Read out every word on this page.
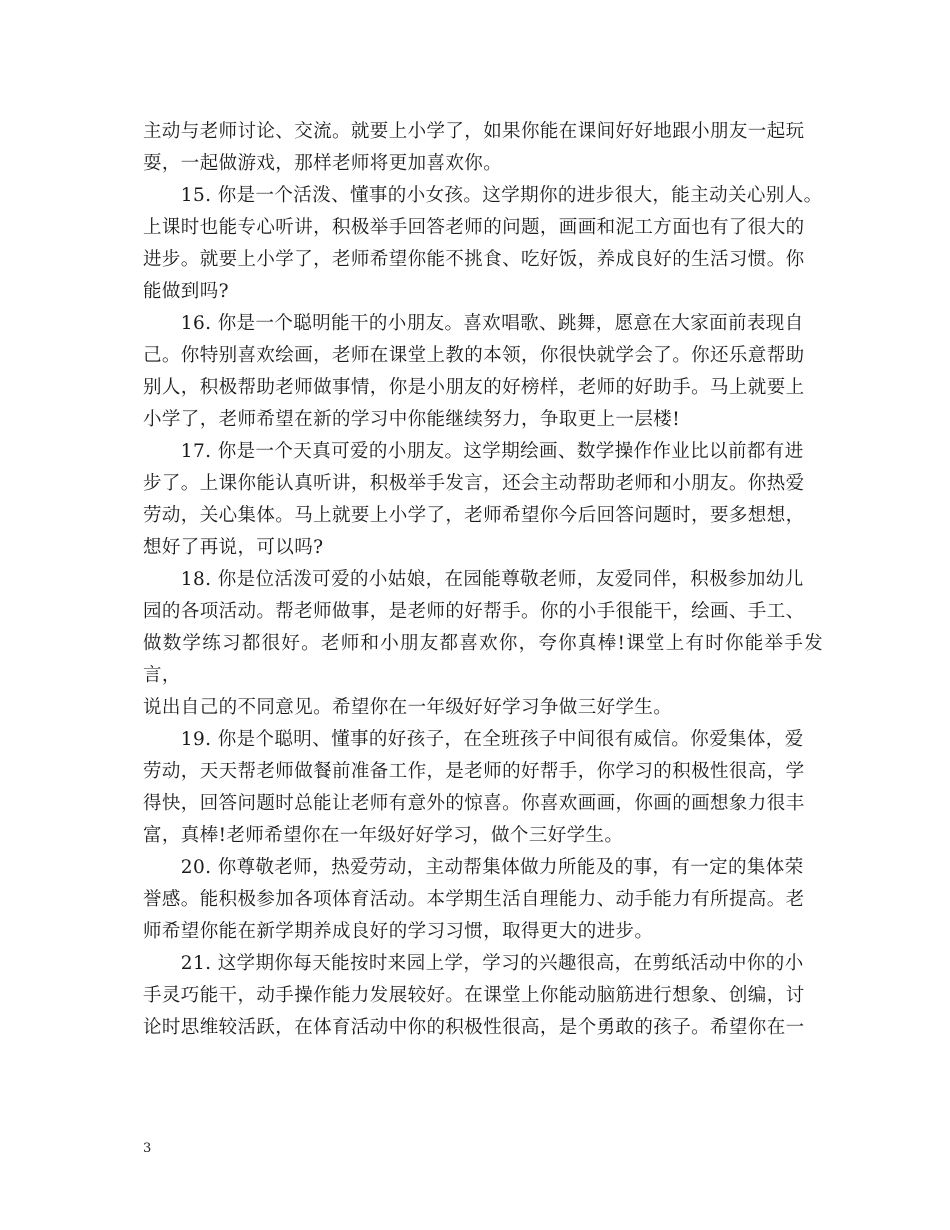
主动与老师讨论、交流。就要上小学了，如果你能在课间好好地跟小朋友一起玩
耍，一起做游戏，那样老师将更加喜欢你。

　　15. 你是一个活泼、懂事的小女孩。这学期你的进步很大，能主动关心别人。
上课时也能专心听讲，积极举手回答老师的问题，画画和泥工方面也有了很大的
进步。就要上小学了，老师希望你能不挑食、吃好饭，养成良好的生活习惯。你
能做到吗?

　　16. 你是一个聪明能干的小朋友。喜欢唱歌、跳舞，愿意在大家面前表现自
己。你特别喜欢绘画，老师在课堂上教的本领，你很快就学会了。你还乐意帮助
别人，积极帮助老师做事情，你是小朋友的好榜样，老师的好助手。马上就要上
小学了，老师希望在新的学习中你能继续努力，争取更上一层楼!

　　17. 你是一个天真可爱的小朋友。这学期绘画、数学操作作业比以前都有进
步了。上课你能认真听讲，积极举手发言，还会主动帮助老师和小朋友。你热爱
劳动，关心集体。马上就要上小学了，老师希望你今后回答问题时，要多想想，
想好了再说，可以吗?

　　18. 你是位活泼可爱的小姑娘，在园能尊敬老师，友爱同伴，积极参加幼儿
园的各项活动。帮老师做事，是老师的好帮手。你的小手很能干，绘画、手工、
做数学练习都很好。老师和小朋友都喜欢你，夸你真棒!课堂上有时你能举手发言，
说出自己的不同意见。希望你在一年级好好学习争做三好学生。

　　19. 你是个聪明、懂事的好孩子，在全班孩子中间很有威信。你爱集体，爱
劳动，天天帮老师做餐前准备工作，是老师的好帮手，你学习的积极性很高，学
得快，回答问题时总能让老师有意外的惊喜。你喜欢画画，你画的画想象力很丰
富，真棒!老师希望你在一年级好好学习，做个三好学生。

　　20. 你尊敬老师，热爱劳动，主动帮集体做力所能及的事，有一定的集体荣
誉感。能积极参加各项体育活动。本学期生活自理能力、动手能力有所提高。老
师希望你能在新学期养成良好的学习习惯，取得更大的进步。

　　21. 这学期你每天能按时来园上学，学习的兴趣很高，在剪纸活动中你的小
手灵巧能干，动手操作能力发展较好。在课堂上你能动脑筋进行想象、创编，讨
论时思维较活跃，在体育活动中你的积极性很高，是个勇敢的孩子。希望你在一

3
